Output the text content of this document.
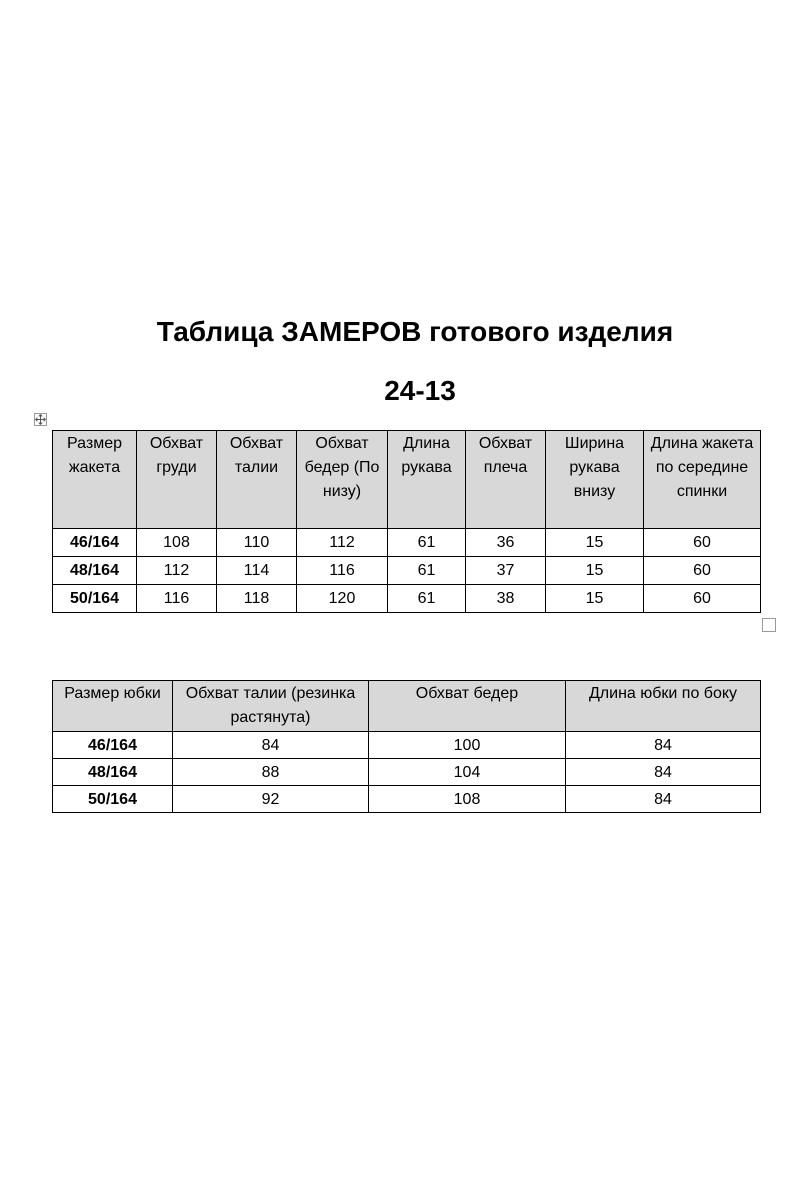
Таблица ЗАМЕРОВ готового изделия
24-13
Размер жакета	Обхват груди	Обхват талии	Обхват бедер (По низу)	Длина рукава	Обхват плеча	Ширина рукава внизу	Длина жакета по середине спинки
46/164	108	110	112	61	36	15	60
48/164	112	114	116	61	37	15	60
50/164	116	118	120	61	38	15	60
Размер юбки	Обхват талии (резинка растянута)	Обхват бедер	Длина юбки по боку
46/164	84	100	84
48/164	88	104	84
50/164	92	108	84
